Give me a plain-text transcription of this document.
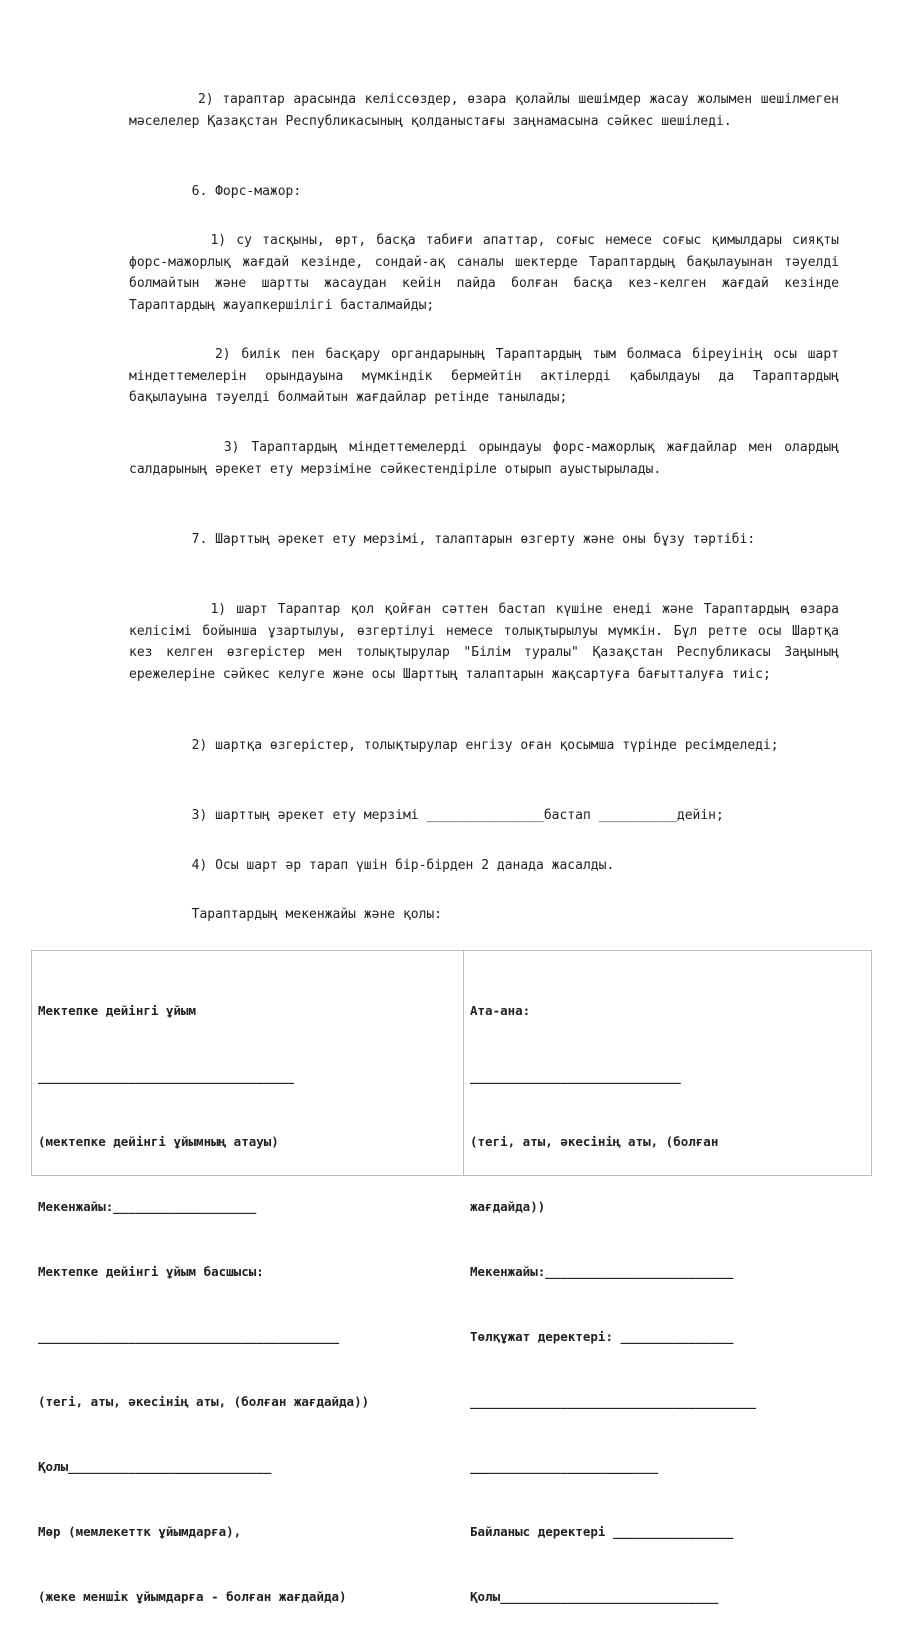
2) тараптар арасында келіссөздер, өзара қолайлы шешімдер жасау жолымен шешілмеген мәселелер Қазақстан Республикасының қолданыстағы заңнамасына сәйкес шешіледі.
6. Форс-мажор:
1) су тасқыны, өрт, басқа табиғи апаттар, соғыс немесе соғыс қимылдары сияқты форс-мажорлық жағдай кезінде, сондай-ақ саналы шектерде Тараптардың бақылауынан тәуелді болмайтын және шартты жасаудан кейін пайда болған басқа кез-келген жағдай кезінде Тараптардың жауапкершілігі басталмайды;
2) билік пен басқару органдарының Тараптардың тым болмаса біреуінің осы шарт міндеттемелерін орындауына мүмкіндік бермейтін актілерді қабылдауы да Тараптардың бақылауына тәуелді болмайтын жағдайлар ретінде танылады;
3) Тараптардың міндеттемелерді орындауы форс-мажорлық жағдайлар мен олардың салдарының әрекет ету мерзіміне сәйкестендіріле отырып ауыстырылады.
7. Шарттың әрекет ету мерзімі, талаптарын өзгерту және оны бұзу тәртібі:
1) шарт Тараптар қол қойған сәттен бастап күшіне енеді және Тараптардың өзара келісімі бойынша ұзартылуы, өзгертілуі немесе толықтырылуы мүмкін. Бұл ретте осы Шартқа кез келген өзгерістер мен толықтырулар "Білім туралы" Қазақстан Республикасы Заңының ережелеріне сәйкес келуге және осы Шарттың талаптарын жақсартуға бағытталуға тиіс;
2) шартқа өзгерістер, толықтырулар енгізу оған қосымша түрінде ресімделеді;
3) шарттың әрекет ету мерзімі _______________бастап __________дейін;
4) Осы шарт әр тарап үшін бір-бірден 2 данада жасалды.
Тараптардың мекенжайы және қолы:

Мектепке дейінгі ұйым

__________________________________

(мектепке дейінгі ұйымның атауы)

Мекенжайы:___________________

Мектепке дейінгі ұйым басшысы:

________________________________________

(тегі, аты, әкесінің аты, (болған жағдайда))

Қолы___________________________

Мөр (мемлекеттк ұйымдарға),

(жеке меншік ұйымдарға - болған жағдайда)

Ата-ана:

____________________________

(тегі, аты, әкесінің аты, (болған

жағдайда))

Мекенжайы:_________________________

Төлқұжат деректері: _______________

______________________________________

_________________________

Байланыс деректері ________________

Қолы_____________________________
